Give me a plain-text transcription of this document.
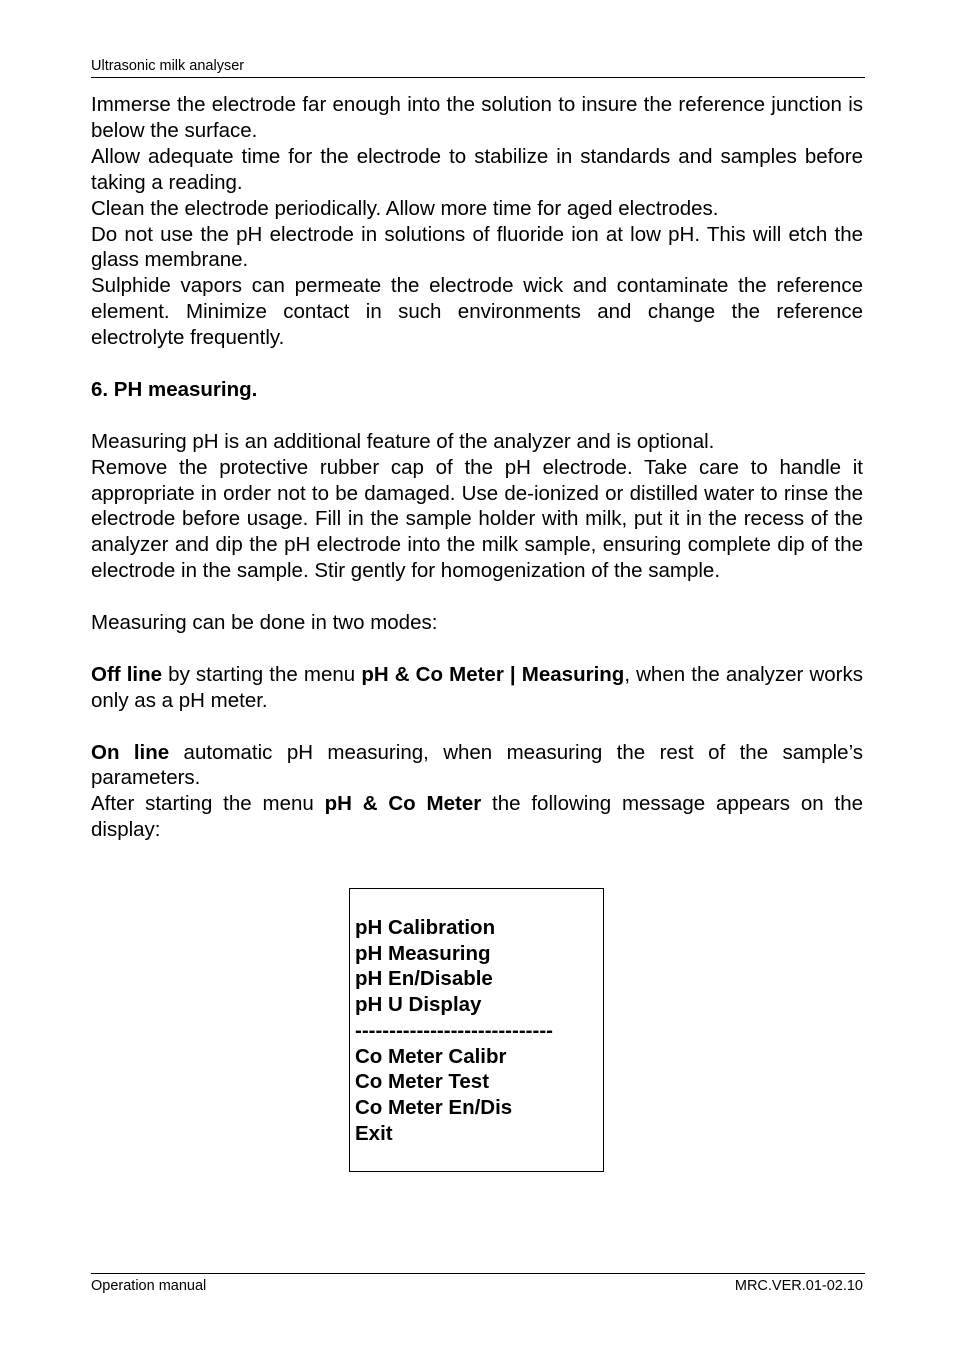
Ultrasonic milk analyser

Immerse the electrode far enough into the solution to insure the reference junction is below the surface.

Allow adequate time for the electrode to stabilize in standards and samples before taking a reading.

Clean the electrode periodically. Allow more time for aged electrodes.

Do not use the pH electrode in solutions of fluoride ion at low pH. This will etch the glass membrane.

Sulphide vapors can permeate the electrode wick and contaminate the reference element. Minimize contact in such environments and change the reference electrolyte frequently.

6. PH measuring.

Measuring pH is an additional feature of the analyzer and is optional.

Remove the protective rubber cap of the pH electrode. Take care to handle it appropriate in order not to be damaged. Use de-ionized or distilled water to rinse the electrode before usage. Fill in the sample holder with milk, put it in the recess of the analyzer and dip the pH electrode into the milk sample, ensuring complete dip of the electrode in the sample. Stir gently for homogenization of the sample.

Measuring can be done in two modes:

Off line by starting the menu pH & Co Meter | Measuring, when the analyzer works only as a pH meter.

On line automatic pH measuring, when measuring the rest of the sample’s parameters.

After starting the menu pH & Co Meter the following message appears on the display:

pH Calibration
pH Measuring
pH En/Disable
pH U Display
-----------------------------
Co Meter Calibr
Co Meter Test
Co Meter En/Dis
Exit
Operation manual	MRC.VER.01-02.10
